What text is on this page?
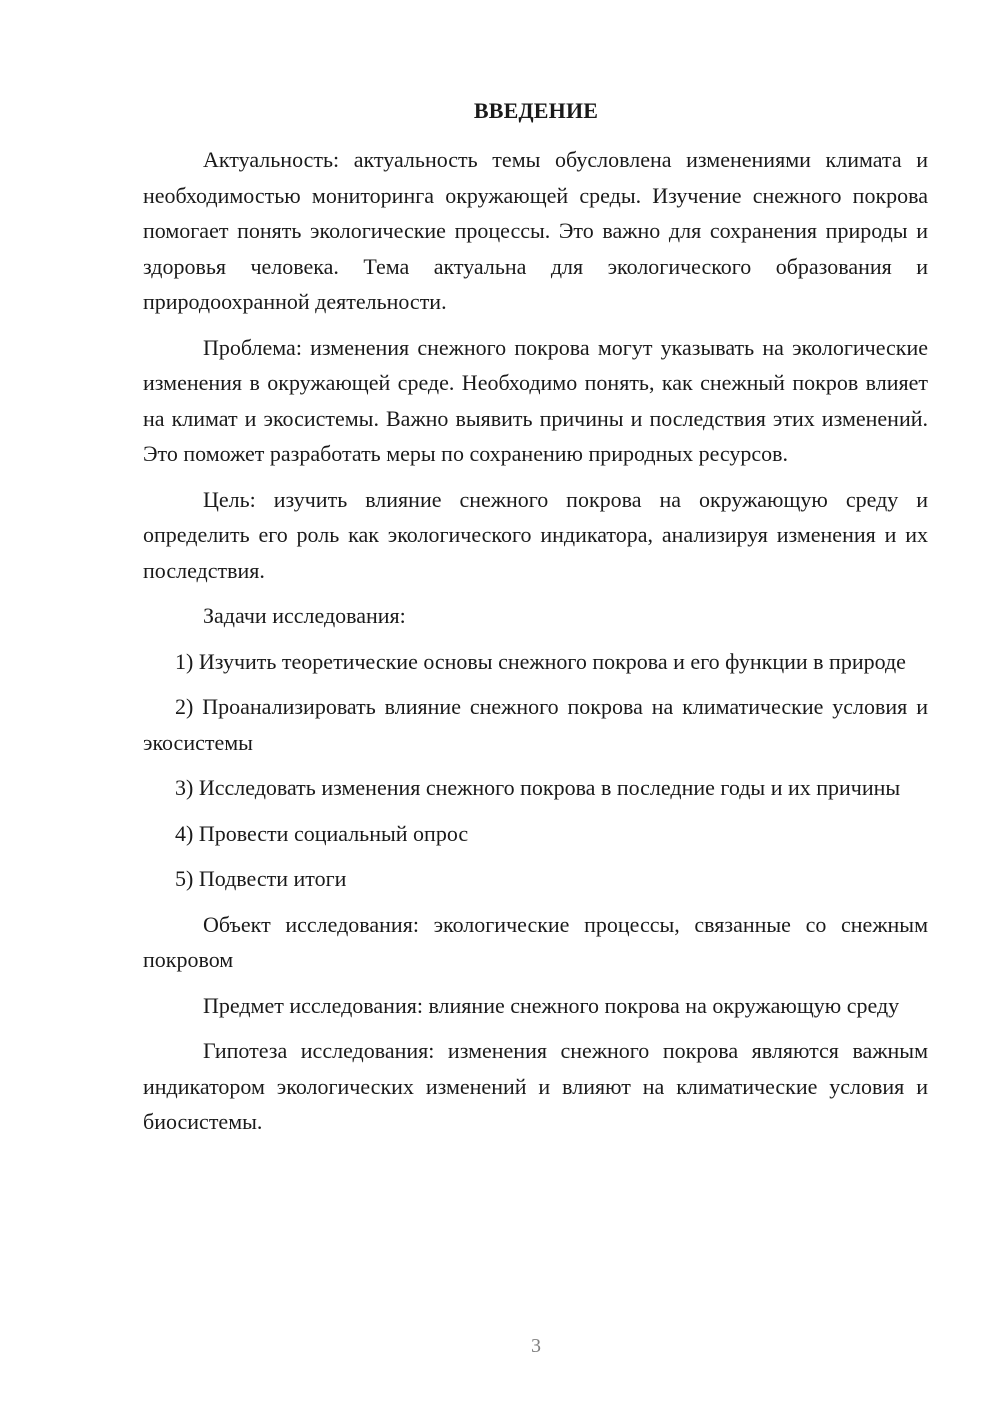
ВВЕДЕНИЕ

Актуальность: актуальность темы обусловлена изменениями климата и необходимостью мониторинга окружающей среды. Изучение снежного покрова помогает понять экологические процессы. Это важно для сохранения природы и здоровья человека. Тема актуальна для экологического образования и природоохранной деятельности.

Проблема: изменения снежного покрова могут указывать на экологические изменения в окружающей среде. Необходимо понять, как снежный покров влияет на климат и экосистемы. Важно выявить причины и последствия этих изменений. Это поможет разработать меры по сохранению природных ресурсов.

Цель: изучить влияние снежного покрова на окружающую среду и определить его роль как экологического индикатора, анализируя изменения и их последствия.

Задачи исследования:

1) Изучить теоретические основы снежного покрова и его функции в природе

2) Проанализировать влияние снежного покрова на климатические условия и экосистемы

3) Исследовать изменения снежного покрова в последние годы и их причины

4) Провести социальный опрос

5) Подвести итоги

Объект исследования: экологические процессы, связанные со снежным покровом

Предмет исследования: влияние снежного покрова на окружающую среду

Гипотеза исследования: изменения снежного покрова являются важным индикатором экологических изменений и влияют на климатические условия и биосистемы.

3
